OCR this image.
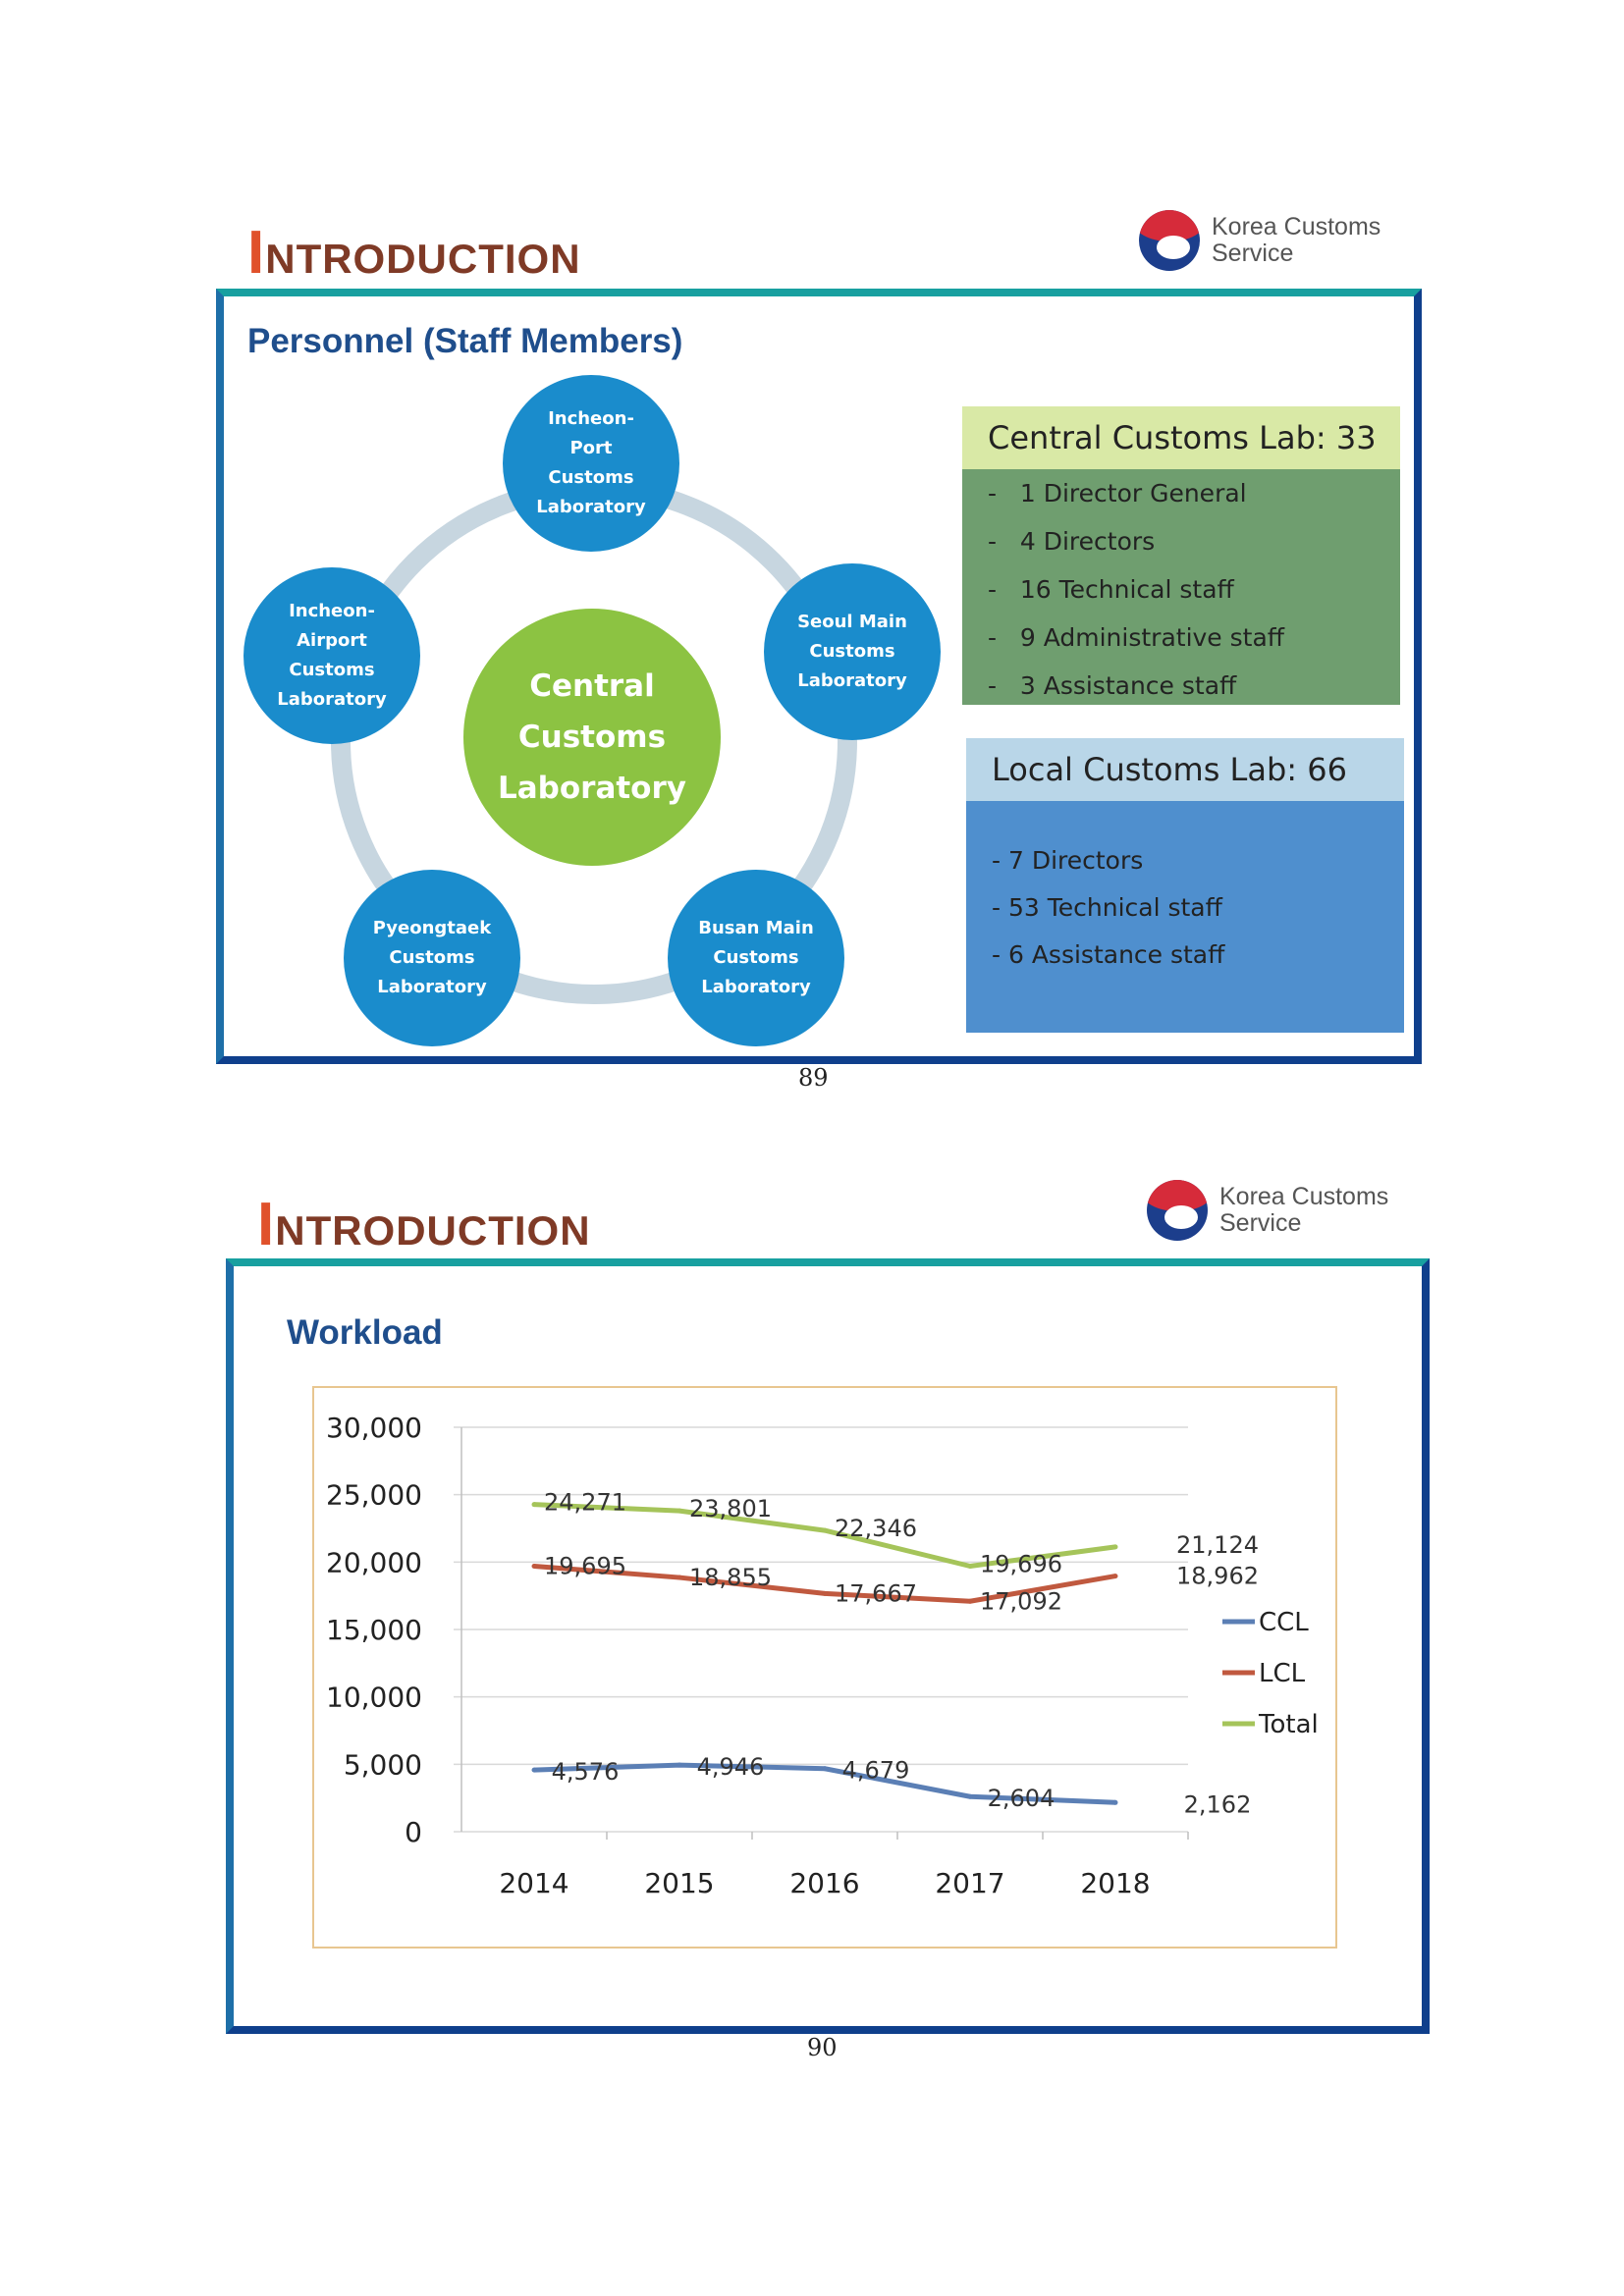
INTRODUCTION
Korea Customs Service
Personnel (Staff Members)
Incheon-
Port
Customs
Laboratory
Seoul Main
Customs
Laboratory
Busan Main
Customs
Laboratory
Pyeongtaek
Customs
Laboratory
Incheon-
Airport
Customs
Laboratory	Central
Customs
Laboratory
Central Customs Lab: 33
-   1 Director General
-   4 Directors
-   16 Technical staff
-   9 Administrative staff
-   3 Assistance staff
Local Customs Lab: 66
- 7 Directors
- 53 Technical staff
- 6 Assistance staff
89
INTRODUCTION
Korea Customs Service
Workload
0
5,000
10,000
15,000
20,000
25,000
30,000
2014	2015	2016	2017	2018
4,576	4,946	4,679
2,604	2,162
19,695	18,855
17,667	17,092
18,962
24,271	23,801
22,346
19,696
21,124
CCL
LCL
Total
90
